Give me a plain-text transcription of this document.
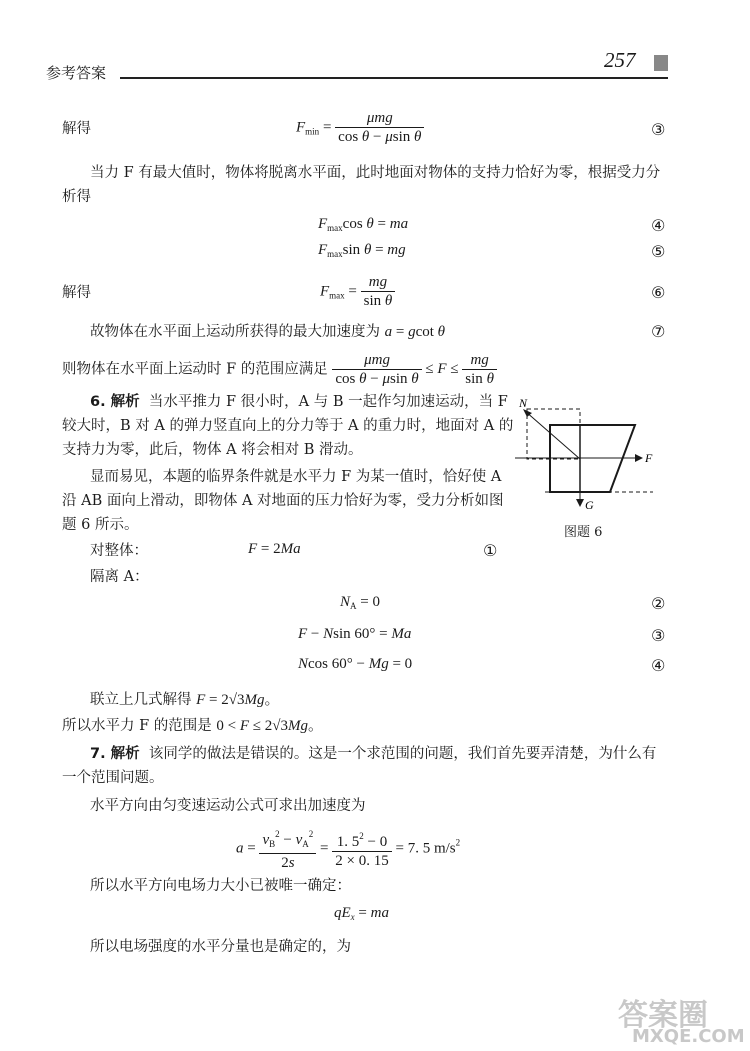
参考答案
257
解得	$F_{min} = \frac{\text{μmg}}{\text{cos θ − μsin θ}}$	③
当力 F 有最大值时，物体将脱离水平面，此时地面对物体的支持力恰好为零，根据受力分
析得
$F_{max}\cos$ θ = ma	④
$F_{max}\sin$ θ = mg	⑤
解得	$F_{max} = \frac{mg}{\text{sin θ}}$	⑥
故物体在水平面上运动所获得的最大加速度为 a = gcot θ	⑦
则物体在水平面上运动时 F 的范围应满足 $\frac{\text{μmg}}{\text{cos θ − μsin θ}} \le F \le \frac{mg}{\text{sin θ}}$
6. 解析 当水平推力 F 很小时，A 与 B 一起作匀加速运动，当 F
较大时，B 对 A 的弹力竖直向上的分力等于 A 的重力时，地面对 A 的
支持力为零，此后，物体 A 将会相对 B 滑动。
显而易见，本题的临界条件就是水平力 F 为某一值时，恰好使 A
沿 AB 面向上滑动，即物体 A 对地面的压力恰好为零，受力分析如图
题 6 所示。
N
F
G
图题 6
对整体：	F = 2Ma	①
隔离 A：
$N_A = 0$	②
F − Nsin 60° = Ma	③
Ncos 60° − Mg = 0	④
联立上几式解得 F = 2√3Mg。
所以水平力 F 的范围是 0 < F ≤ 2√3Mg。
7. 解析 该同学的做法是错误的。这是一个求范围的问题，我们首先要弄清楚，为什么有
一个范围问题。
水平方向由匀变速运动公式可求出加速度为
$a = \frac{v_B^2 - v_A^2}{2s} = \frac{1. 5^2 - 0}{2 \times 0. 15} = 7$. 5 $m/s^2$
所以水平方向电场力大小已被唯一确定：
$qE_x$ = ma
所以电场强度的水平分量也是确定的，为
答案圈
MXQE.COM
